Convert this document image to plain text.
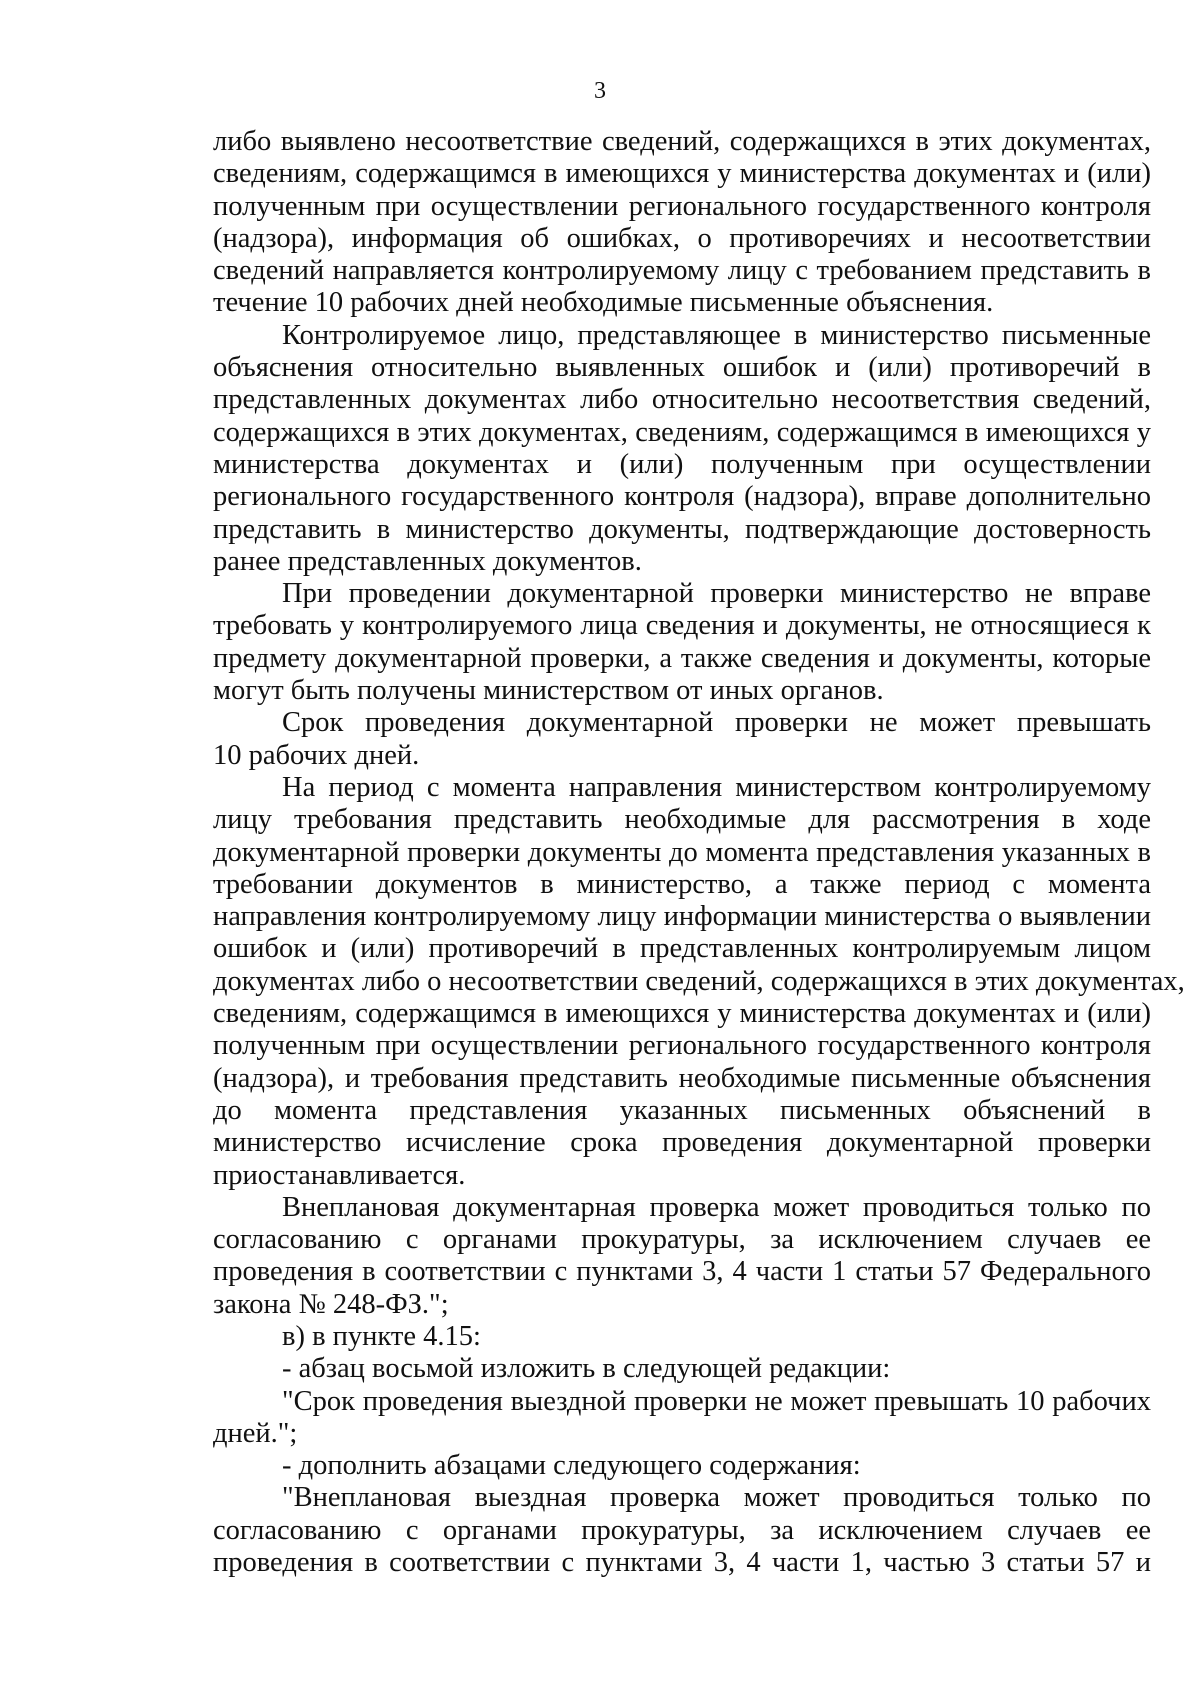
3
либо выявлено несоответствие сведений, содержащихся в этих документах,
сведениям, содержащимся в имеющихся у министерства документах и (или)
полученным при осуществлении регионального государственного контроля
(надзора), информация об ошибках, о противоречиях и несоответствии
сведений направляется контролируемому лицу с требованием представить в
течение 10 рабочих дней необходимые письменные объяснения.
Контролируемое лицо, представляющее в министерство письменные
объяснения относительно выявленных ошибок и (или) противоречий в
представленных документах либо относительно несоответствия сведений,
содержащихся в этих документах, сведениям, содержащимся в имеющихся у
министерства документах и (или) полученным при осуществлении
регионального государственного контроля (надзора), вправе дополнительно
представить в министерство документы, подтверждающие достоверность
ранее представленных документов.
При проведении документарной проверки министерство не вправе
требовать у контролируемого лица сведения и документы, не относящиеся к
предмету документарной проверки, а также сведения и документы, которые
могут быть получены министерством от иных органов.
Срок проведения документарной проверки не может превышать
10 рабочих дней.
На период с момента направления министерством контролируемому
лицу требования представить необходимые для рассмотрения в ходе
документарной проверки документы до момента представления указанных в
требовании документов в министерство, а также период с момента
направления контролируемому лицу информации министерства о выявлении
ошибок и (или) противоречий в представленных контролируемым лицом
документах либо о несоответствии сведений, содержащихся в этих документах,
сведениям, содержащимся в имеющихся у министерства документах и (или)
полученным при осуществлении регионального государственного контроля
(надзора), и требования представить необходимые письменные объяснения
до момента представления указанных письменных объяснений в
министерство исчисление срока проведения документарной проверки
приостанавливается.
Внеплановая документарная проверка может проводиться только по
согласованию с органами прокуратуры, за исключением случаев ее
проведения в соответствии с пунктами 3, 4 части 1 статьи 57 Федерального
закона № 248-ФЗ.";
в) в пункте 4.15:
- абзац восьмой изложить в следующей редакции:
"Срок проведения выездной проверки не может превышать 10 рабочих
дней.";
- дополнить абзацами следующего содержания:
"Внеплановая выездная проверка может проводиться только по
согласованию с органами прокуратуры, за исключением случаев ее
проведения в соответствии с пунктами 3, 4 части 1, частью 3 статьи 57 и
